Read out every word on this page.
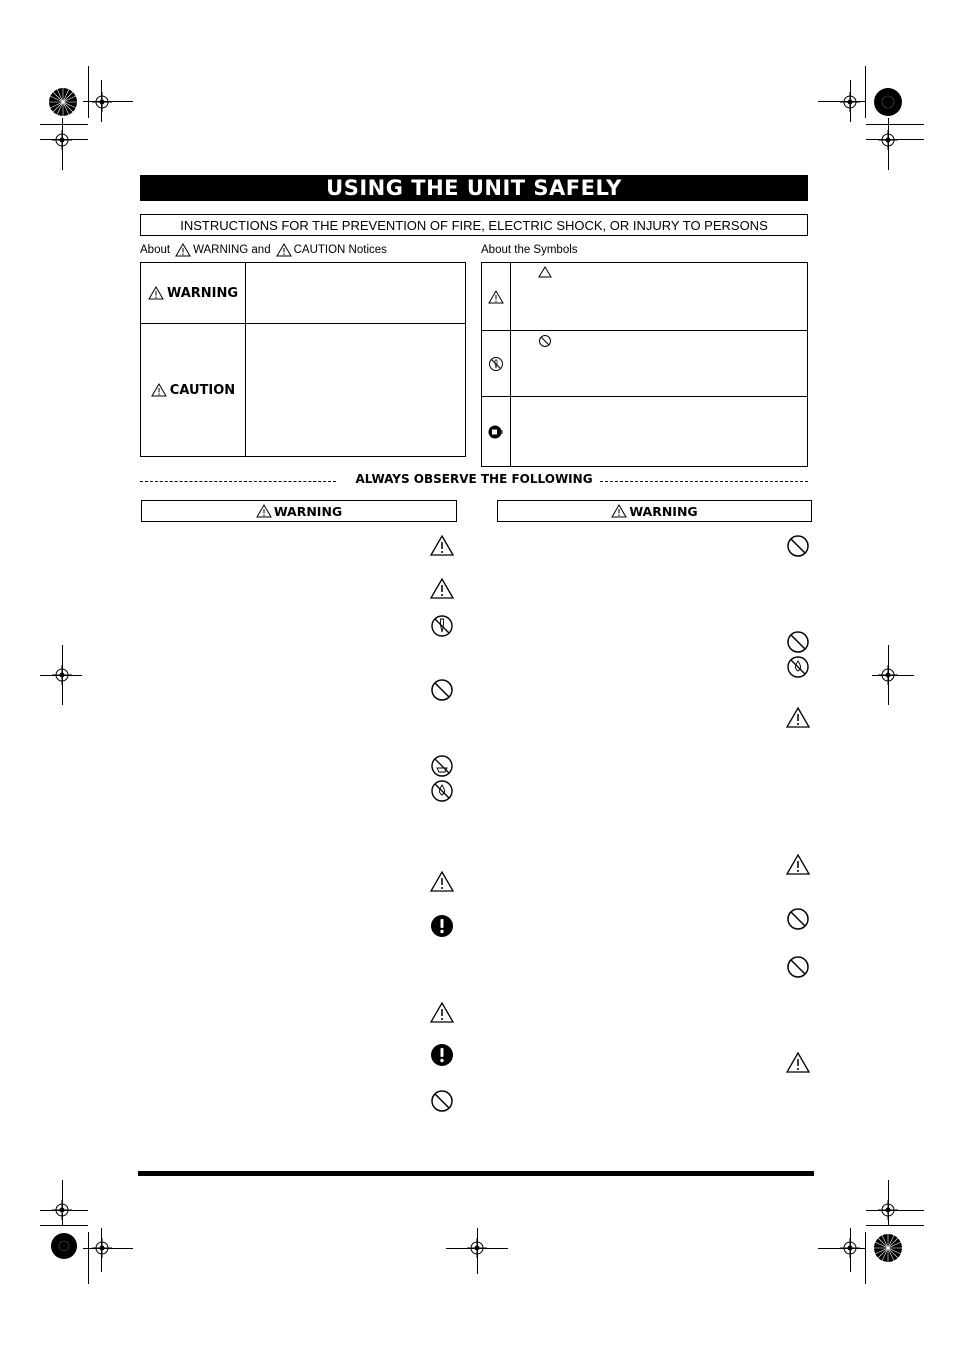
USING THE UNIT SAFELY
INSTRUCTIONS FOR THE PREVENTION OF FIRE, ELECTRIC SHOCK, OR INJURY TO PERSONS
About WARNING and CAUTION Notices	About the Symbols
WARNING	

CAUTION	

ALWAYS OBSERVE THE FOLLOWING
WARNING	WARNING
